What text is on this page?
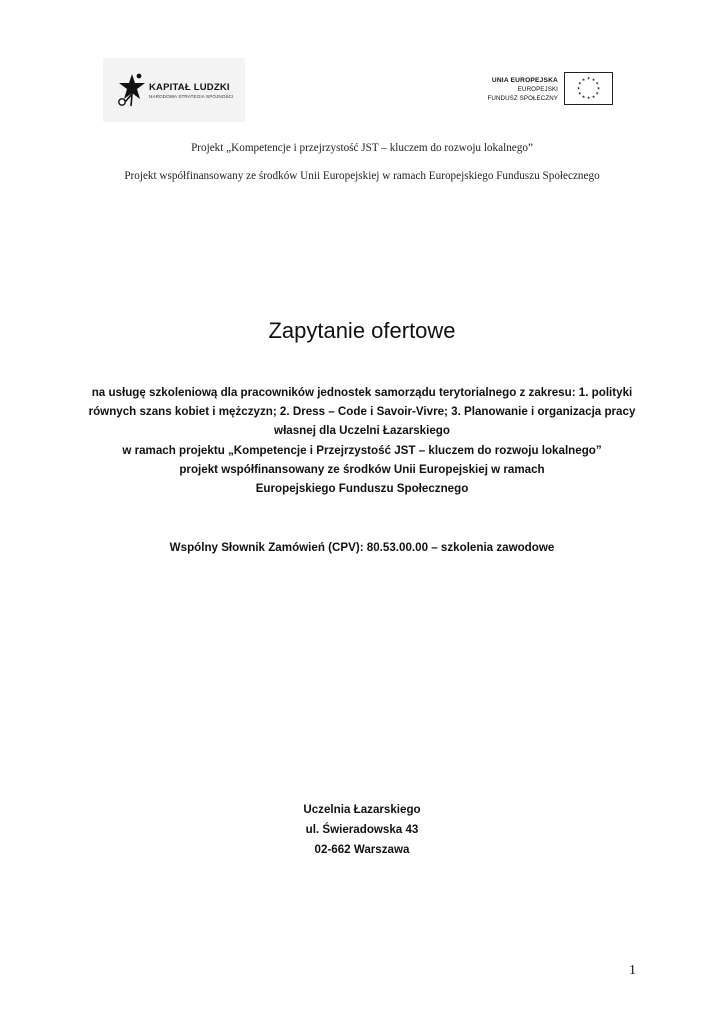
KAPITAŁ LUDZKI
NARODOWA STRATEGIA SPÓJNOŚCI
UNIA EUROPEJSKA
EUROPEJSKI
FUNDUSZ SPOŁECZNY
★ ★
★
★
★
★
★
★
★
★
★
★
Projekt „Kompetencje i przejrzystość JST – kluczem do rozwoju lokalnego”
Projekt współfinansowany ze środków Unii Europejskiej w ramach Europejskiego Funduszu Społecznego
Zapytanie ofertowe
na usługę szkoleniową dla pracowników jednostek samorządu terytorialnego z zakresu: 1. polityki
równych szans kobiet i mężczyzn; 2. Dress – Code i Savoir-Vivre; 3. Planowanie i organizacja pracy
własnej dla Uczelni Łazarskiego
w ramach projektu „Kompetencje i Przejrzystość JST – kluczem do rozwoju lokalnego”
projekt współfinansowany ze środków Unii Europejskiej w ramach
Europejskiego Funduszu Społecznego
Wspólny Słownik Zamówień (CPV): 80.53.00.00 – szkolenia zawodowe
Uczelnia Łazarskiego
ul. Świeradowska 43
02-662 Warszawa
1
